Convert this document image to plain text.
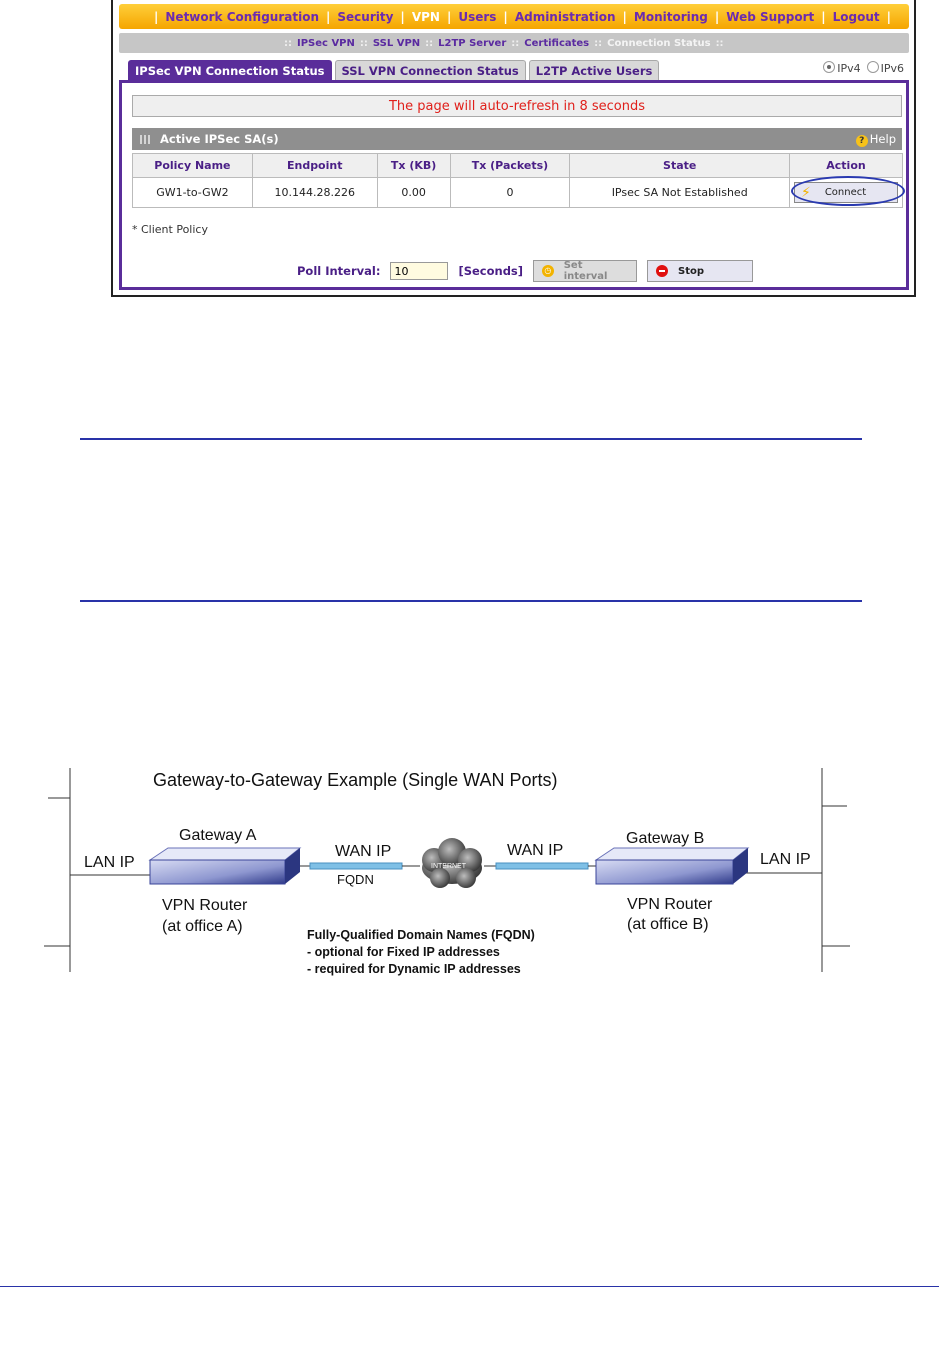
| Network Configuration | Security | VPN | Users | Administration | Monitoring | Web Support | Logout |
:: IPSec VPN :: SSL VPN :: L2TP Server :: Certificates :: Connection Status ::
IPSec VPN Connection Status	SSL VPN Connection Status	L2TP Active Users	IPv4	IPv6
The page will auto-refresh in 8 seconds
Active IPSec SA(s)	? Help
Policy Name	Endpoint	Tx (KB)	Tx (Packets)	State	Action
GW1-to-GW2	10.144.28.226	0.00	0	IPsec SA Not Established	⚡ Connect
* Client Policy
Poll Interval:
10	[Seconds]	◷ Set interval	Stop
Gateway-to-Gateway Example (Single WAN Ports)
Gateway A	Gateway B
LAN IP	LAN IP
WAN IP	WAN IP
FQDN
INTERNET
VPN Router
(at office A)
VPN Router
(at office B)
Fully-Qualified Domain Names (FQDN)
- optional for Fixed IP addresses
- required for Dynamic IP addresses
